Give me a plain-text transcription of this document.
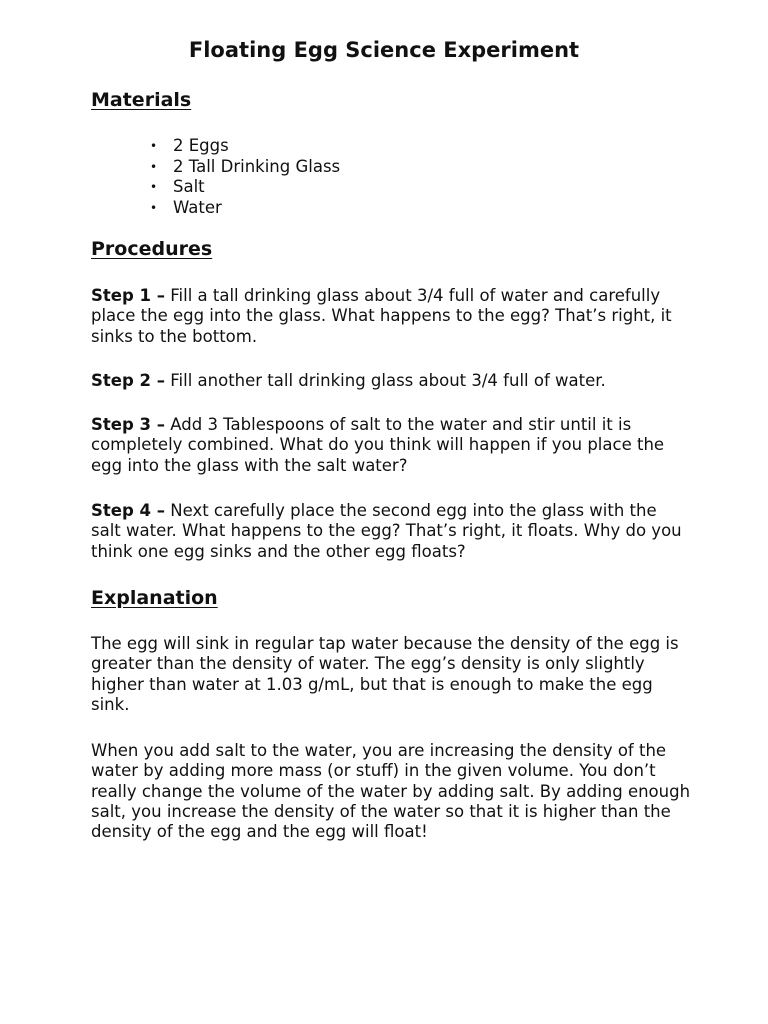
Floating Egg Science Experiment
Materials
• 2 Eggs
• 2 Tall Drinking Glass
• Salt
• Water
Procedures

Step 1 – Fill a tall drinking glass about 3/4 full of water and carefully place the egg into the glass. What happens to the egg? That’s right, it sinks to the bottom.

Step 2 – Fill another tall drinking glass about 3/4 full of water.

Step 3 – Add 3 Tablespoons of salt to the water and stir until it is completely combined. What do you think will happen if you place the egg into the glass with the salt water?

Step 4 – Next carefully place the second egg into the glass with the salt water. What happens to the egg? That’s right, it floats. Why do you think one egg sinks and the other egg floats?

Explanation

The egg will sink in regular tap water because the density of the egg is greater than the density of water. The egg’s density is only slightly higher than water at 1.03 g/mL, but that is enough to make the egg sink.

When you add salt to the water, you are increasing the density of the water by adding more mass (or stuff) in the given volume. You don’t really change the volume of the water by adding salt. By adding enough salt, you increase the density of the water so that it is higher than the density of the egg and the egg will float!
